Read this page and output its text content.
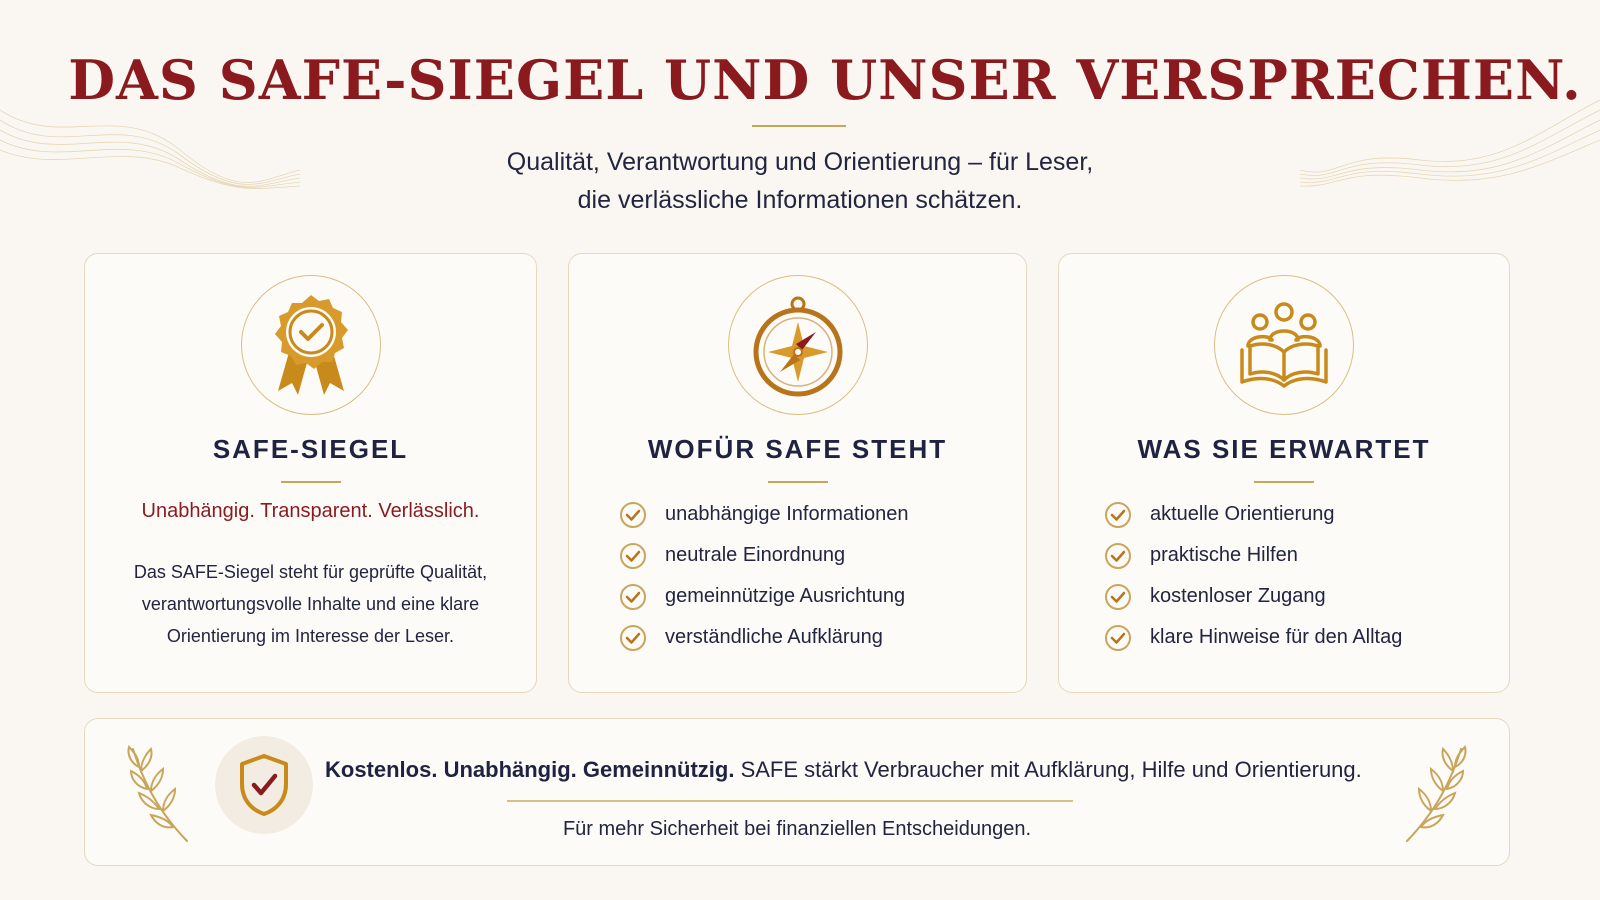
DAS SAFE-SIEGEL UND UNSER VERSPRECHEN.
Qualität, Verantwortung und Orientierung – für Leser,
die verlässliche Informationen schätzen.
SAFE-SIEGEL
Unabhängig. Transparent. Verlässlich.
Das SAFE-Siegel steht für geprüfte Qualität, verantwortungsvolle Inhalte und eine klare Orientierung im Interesse der Leser.
WOFÜR SAFE STEHT
unabhängige Informationen
neutrale Einordnung
gemeinnützige Ausrichtung
verständliche Aufklärung
WAS SIE ERWARTET
aktuelle Orientierung
praktische Hilfen
kostenloser Zugang
klare Hinweise für den Alltag
Kostenlos. Unabhängig. Gemeinnützig. SAFE stärkt Verbraucher mit Aufklärung, Hilfe und Orientierung.
Für mehr Sicherheit bei finanziellen Entscheidungen.
